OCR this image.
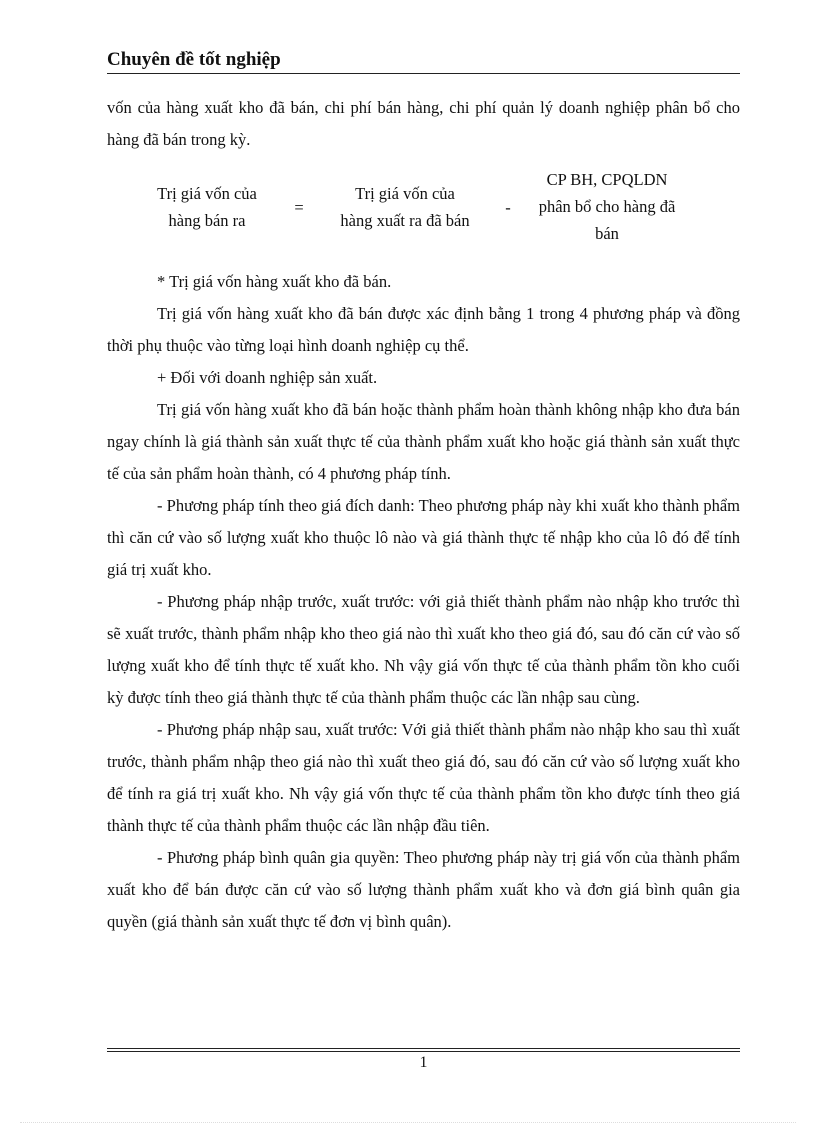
Chuyên đề tốt nghiệp

vốn của hàng xuất kho đã bán, chi phí bán hàng, chi phí quản lý doanh nghiệp phân bổ cho hàng đã bán trong kỳ.

Trị giá vốn của
hàng bán ra
=
Trị giá vốn của
hàng xuất ra đã bán
-
CP BH, CPQLDN
phân bổ cho hàng đã
bán

* Trị giá vốn hàng xuất kho đã bán.

Trị giá vốn hàng xuất kho đã bán được xác định bằng 1 trong 4 phương pháp và đồng thời phụ thuộc vào từng loại hình doanh nghiệp cụ thể.

+ Đối với doanh nghiệp sản xuất.

Trị giá vốn hàng xuất kho đã bán hoặc thành phẩm hoàn thành không nhập kho đưa bán ngay chính là giá thành sản xuất thực tế của thành phẩm xuất kho hoặc giá thành sản xuất thực tế của sản phẩm hoàn thành, có 4 phương pháp tính.

- Phương pháp tính theo giá đích danh: Theo phương pháp này khi xuất kho thành phẩm thì căn cứ vào số lượng xuất kho thuộc lô nào và giá thành thực tế nhập kho của lô đó để tính giá trị xuất kho.

- Phương pháp nhập trước, xuất trước: với giả thiết thành phẩm nào nhập kho trước thì sẽ xuất trước, thành phẩm nhập kho theo giá nào thì xuất kho theo giá đó, sau đó căn cứ vào số lượng xuất kho để tính thực tế xuất kho. Nh vậy giá vốn thực tế của thành phẩm tồn kho cuối kỳ được tính theo giá thành thực tế của thành phẩm thuộc các lần nhập sau cùng.

- Phương pháp nhập sau, xuất trước: Với giả thiết thành phẩm nào nhập kho sau thì xuất trước, thành phẩm nhập theo giá nào thì xuất theo giá đó, sau đó căn cứ vào số lượng xuất kho để tính ra giá trị xuất kho. Nh vậy giá vốn thực tế của thành phẩm tồn kho được tính theo giá thành thực tế của thành phẩm thuộc các lần nhập đầu tiên.

- Phương pháp bình quân gia quyền: Theo phương pháp này trị giá vốn của thành phẩm xuất kho để bán được căn cứ vào số lượng thành phẩm xuất kho và đơn giá bình quân gia quyền (giá thành sản xuất thực tế đơn vị bình quân).

1
